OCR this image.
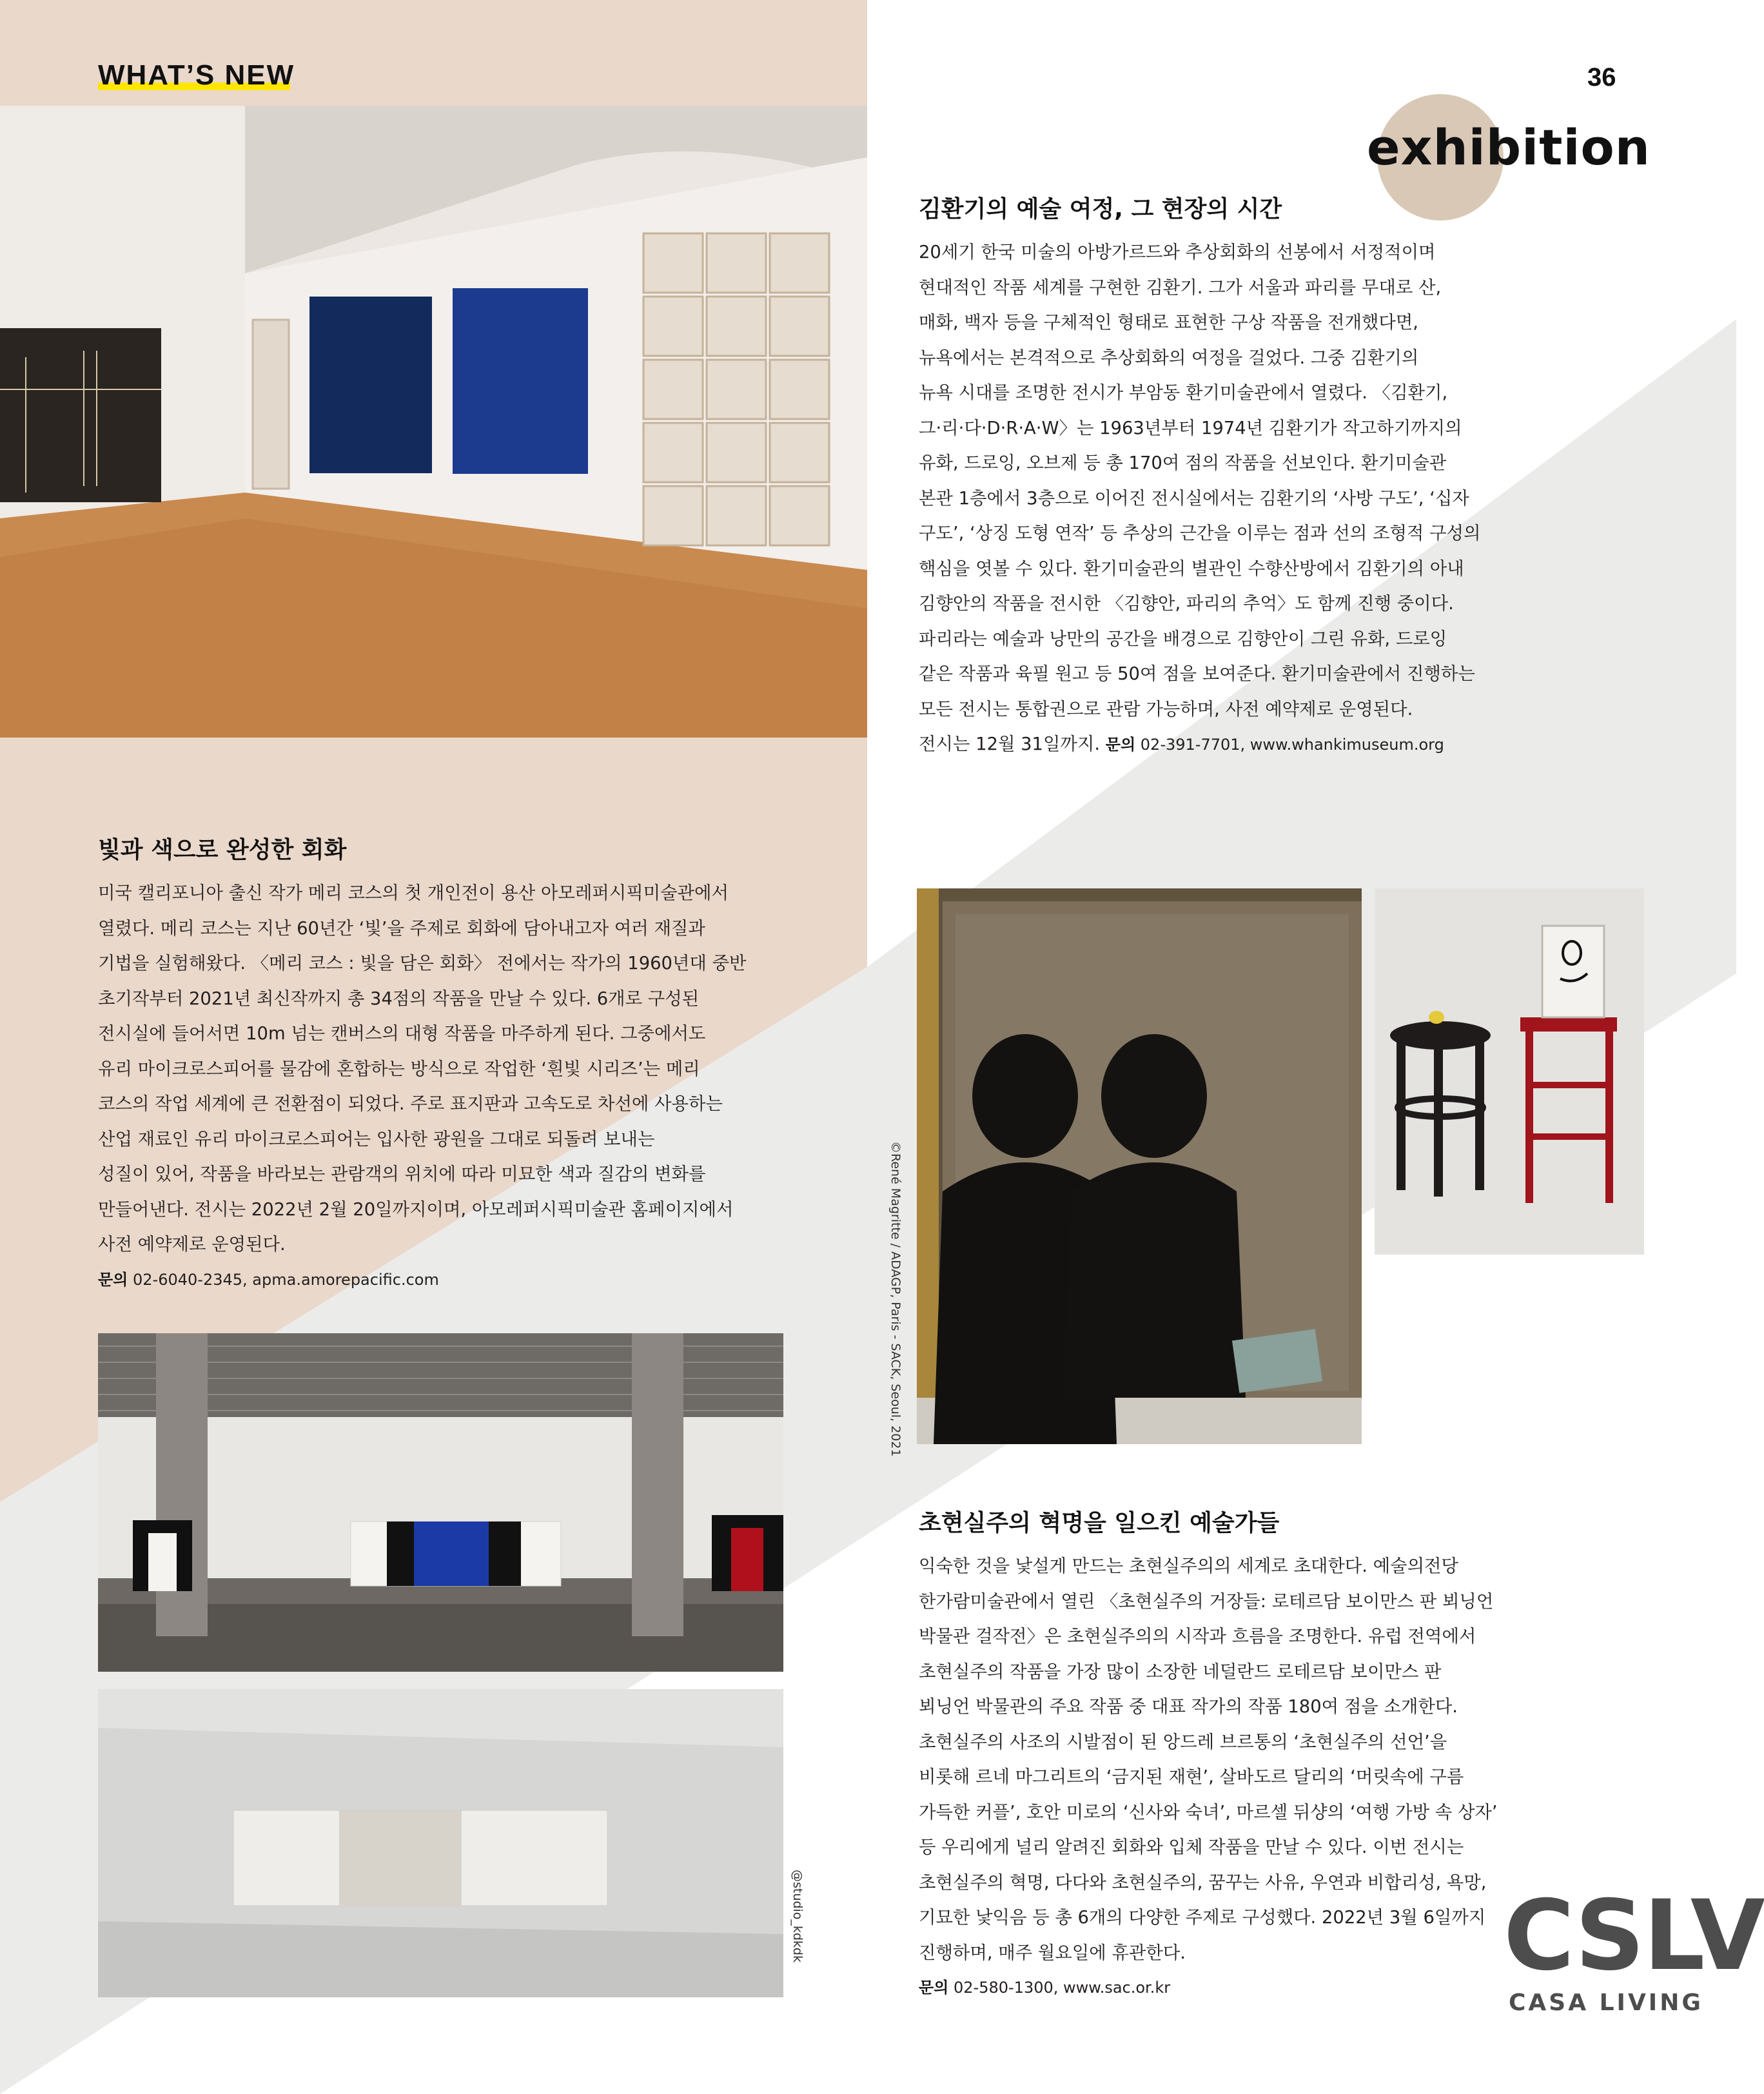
WHAT’S NEW	36
exhibition
김환기의 예술 여정, 그 현장의 시간
20세기 한국 미술의 아방가르드와 추상회화의 선봉에서 서정적이며
현대적인 작품 세계를 구현한 김환기. 그가 서울과 파리를 무대로 산,
매화, 백자 등을 구체적인 형태로 표현한 구상 작품을 전개했다면,
뉴욕에서는 본격적으로 추상회화의 여정을 걸었다. 그중 김환기의
뉴욕 시대를 조명한 전시가 부암동 환기미술관에서 열렸다. 〈김환기,
그·리·다·D·R·A·W〉는 1963년부터 1974년 김환기가 작고하기까지의
유화, 드로잉, 오브제 등 총 170여 점의 작품을 선보인다. 환기미술관
본관 1층에서 3층으로 이어진 전시실에서는 김환기의 ‘사방 구도’, ‘십자
구도’, ‘상징 도형 연작’ 등 추상의 근간을 이루는 점과 선의 조형적 구성의
핵심을 엿볼 수 있다. 환기미술관의 별관인 수향산방에서 김환기의 아내
김향안의 작품을 전시한 〈김향안, 파리의 추억〉도 함께 진행 중이다.
파리라는 예술과 낭만의 공간을 배경으로 김향안이 그린 유화, 드로잉
같은 작품과 육필 원고 등 50여 점을 보여준다. 환기미술관에서 진행하는
모든 전시는 통합권으로 관람 가능하며, 사전 예약제로 운영된다.
전시는 12월 31일까지. 문의 02-391-7701, www.whankimuseum.org
빛과 색으로 완성한 회화
미국 캘리포니아 출신 작가 메리 코스의 첫 개인전이 용산 아모레퍼시픽미술관에서
열렸다. 메리 코스는 지난 60년간 ‘빛’을 주제로 회화에 담아내고자 여러 재질과
기법을 실험해왔다. 〈메리 코스 : 빛을 담은 회화〉 전에서는 작가의 1960년대 중반
초기작부터 2021년 최신작까지 총 34점의 작품을 만날 수 있다. 6개로 구성된
전시실에 들어서면 10m 넘는 캔버스의 대형 작품을 마주하게 된다. 그중에서도
유리 마이크로스피어를 물감에 혼합하는 방식으로 작업한 ‘흰빛 시리즈’는 메리
코스의 작업 세계에 큰 전환점이 되었다. 주로 표지판과 고속도로 차선에 사용하는
산업 재료인 유리 마이크로스피어는 입사한 광원을 그대로 되돌려 보내는
성질이 있어, 작품을 바라보는 관람객의 위치에 따라 미묘한 색과 질감의 변화를
만들어낸다. 전시는 2022년 2월 20일까지이며, 아모레퍼시픽미술관 홈페이지에서
사전 예약제로 운영된다.
문의 02-6040-2345, apma.amorepacific.com	©René Magritte / ADAGP, Paris - SACK, Seoul, 2021
@studio_kdkdk
초현실주의 혁명을 일으킨 예술가들
익숙한 것을 낯설게 만드는 초현실주의의 세계로 초대한다. 예술의전당
한가람미술관에서 열린 〈초현실주의 거장들: 로테르담 보이만스 판 뵈닝언
박물관 걸작전〉은 초현실주의의 시작과 흐름을 조명한다. 유럽 전역에서
초현실주의 작품을 가장 많이 소장한 네덜란드 로테르담 보이만스 판
뵈닝언 박물관의 주요 작품 중 대표 작가의 작품 180여 점을 소개한다.
초현실주의 사조의 시발점이 된 앙드레 브르통의 ‘초현실주의 선언’을
비롯해 르네 마그리트의 ‘금지된 재현’, 살바도르 달리의 ‘머릿속에 구름
가득한 커플’, 호안 미로의 ‘신사와 숙녀’, 마르셀 뒤샹의 ‘여행 가방 속 상자’
등 우리에게 널리 알려진 회화와 입체 작품을 만날 수 있다. 이번 전시는
초현실주의 혁명, 다다와 초현실주의, 꿈꾸는 사유, 우연과 비합리성, 욕망,
기묘한 낯익음 등 총 6개의 다양한 주제로 구성했다. 2022년 3월 6일까지
진행하며, 매주 월요일에 휴관한다.
문의 02-580-1300, www.sac.or.kr	CSLV
CASA LIVING
